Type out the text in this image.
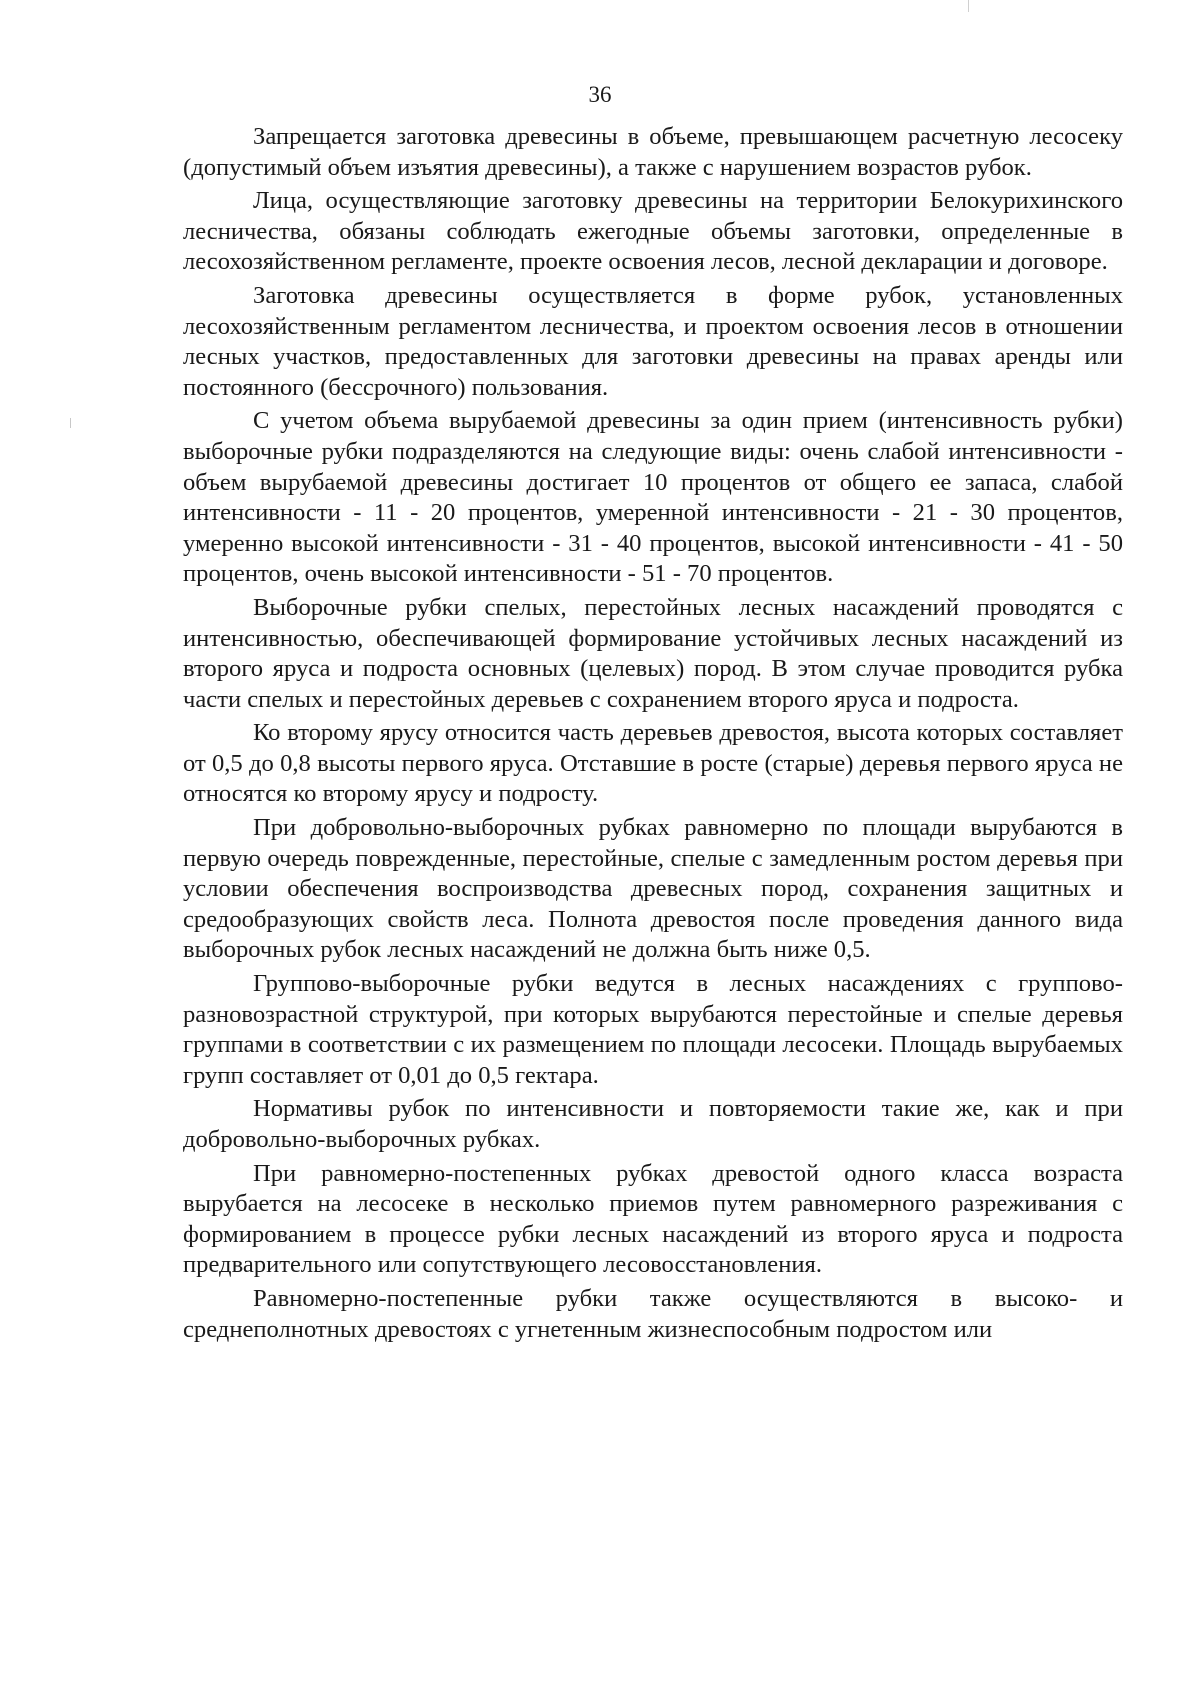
36

Запрещается заготовка древесины в объеме, превышающем расчетную лесосеку (допустимый объем изъятия древесины), а также с нарушением возрастов рубок.

Лица, осуществляющие заготовку древесины на территории Белокурихинского лесничества, обязаны соблюдать ежегодные объемы заготовки, определенные в лесохозяйственном регламенте, проекте освоения лесов, лесной декларации и договоре.

Заготовка древесины осуществляется в форме рубок, установленных лесохозяйственным регламентом лесничества, и проектом освоения лесов в отношении лесных участков, предоставленных для заготовки древесины на правах аренды или постоянного (бессрочного) пользования.

С учетом объема вырубаемой древесины за один прием (интенсивность рубки) выборочные рубки подразделяются на следующие виды: очень слабой интенсивности - объем вырубаемой древесины достигает 10 процентов от общего ее запаса, слабой интенсивности - 11 - 20 процентов, умеренной интенсивности - 21 - 30 процентов, умеренно высокой интенсивности - 31 - 40 процентов, высокой интенсивности - 41 - 50 процентов, очень высокой интенсивности - 51 - 70 процентов.

Выборочные рубки спелых, перестойных лесных насаждений проводятся с интенсивностью, обеспечивающей формирование устойчивых лесных насаждений из второго яруса и подроста основных (целевых) пород. В этом случае проводится рубка части спелых и перестойных деревьев с сохранением второго яруса и подроста.

Ко второму ярусу относится часть деревьев древостоя, высота которых составляет от 0,5 до 0,8 высоты первого яруса. Отставшие в росте (старые) деревья первого яруса не относятся ко второму ярусу и подросту.

При добровольно-выборочных рубках равномерно по площади вырубаются в первую очередь поврежденные, перестойные, спелые с замедленным ростом деревья при условии обеспечения воспроизводства древесных пород, сохранения защитных и средообразующих свойств леса. Полнота древостоя после проведения данного вида выборочных рубок лесных насаждений не должна быть ниже 0,5.

Группово-выборочные рубки ведутся в лесных насаждениях с группово-разновозрастной структурой, при которых вырубаются перестойные и спелые деревья группами в соответствии с их размещением по площади лесосеки. Площадь вырубаемых групп составляет от 0,01 до 0,5 гектара.

Нормативы рубок по интенсивности и повторяемости такие же, как и при добровольно-выборочных рубках.

При равномерно-постепенных рубках древостой одного класса возраста вырубается на лесосеке в несколько приемов путем равномерного разреживания с формированием в процессе рубки лесных насаждений из второго яруса и подроста предварительного или сопутствующего лесовосстановления.

Равномерно-постепенные рубки также осуществляются в высоко- и среднеполнотных древостоях с угнетенным жизнеспособным подростом или
